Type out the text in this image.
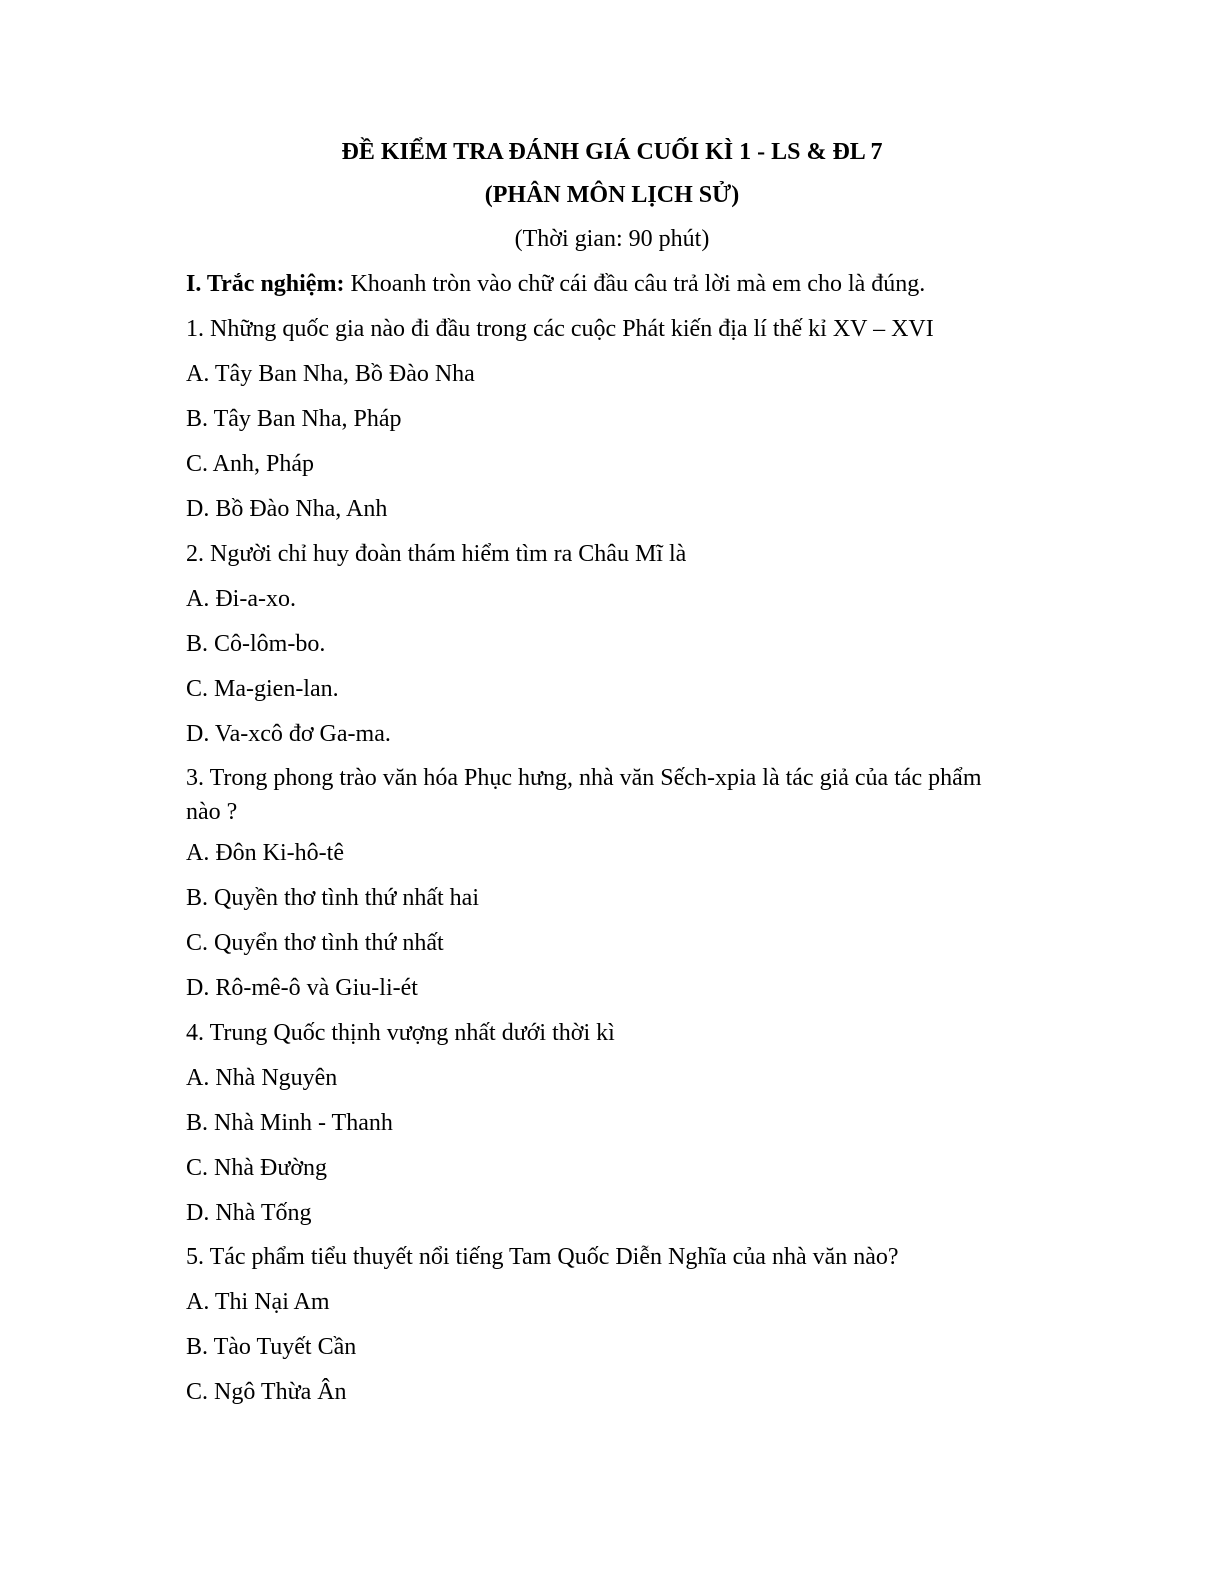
ĐỀ KIỂM TRA ĐÁNH GIÁ CUỐI KÌ 1 - LS & ĐL 7
(PHÂN MÔN LỊCH SỬ)
(Thời gian: 90 phút)
I. Trắc nghiệm: Khoanh tròn vào chữ cái đầu câu trả lời mà em cho là đúng.
1. Những quốc gia nào đi đầu trong các cuộc Phát kiến địa lí thế kỉ XV – XVI
A. Tây Ban Nha, Bồ Đào Nha
B. Tây Ban Nha, Pháp
C. Anh, Pháp
D. Bồ Đào Nha, Anh
2. Người chỉ huy đoàn thám hiểm tìm ra Châu Mĩ là
A. Đi-a-xo.
B. Cô-lôm-bo.
C. Ma-gien-lan.
D. Va-xcô đơ Ga-ma.
3. Trong phong trào văn hóa Phục hưng, nhà văn Sếch-xpia là tác giả của tác phẩm nào ?
A. Đôn Ki-hô-tê
B. Quyền thơ tình thứ nhất hai
C. Quyển thơ tình thứ nhất
D. Rô-mê-ô và Giu-li-ét
4. Trung Quốc thịnh vượng nhất dưới thời kì
A. Nhà Nguyên
B. Nhà Minh - Thanh
C. Nhà Đường
D. Nhà Tống
5. Tác phẩm tiểu thuyết nổi tiếng Tam Quốc Diễn Nghĩa của nhà văn nào?
A. Thi Nại Am
B. Tào Tuyết Cần
C. Ngô Thừa Ân
